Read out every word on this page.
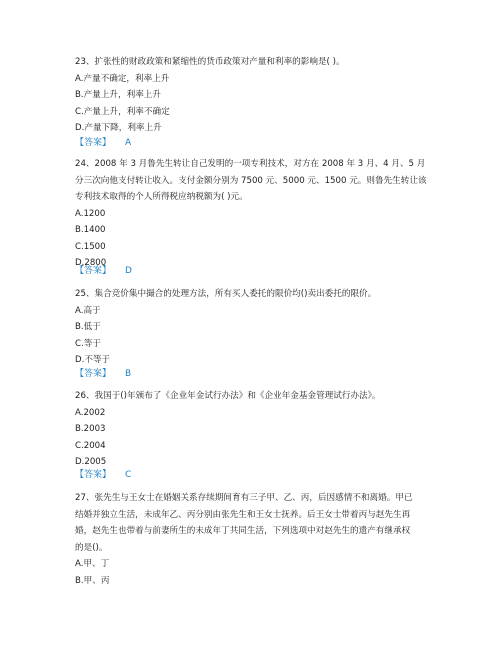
23、扩张性的财政政策和紧缩性的货币政策对产量和利率的影响是( )。

A.产量不确定，利率上升

B.产量上升，利率上升

C.产量上升，利率不确定

D.产量下降，利率上升

【答案】 A

24、2008 年 3 月鲁先生转让自己发明的一项专利技术，对方在 2008 年 3 月、4 月、5 月

分三次向他支付转让收入。支付金额分别为 7500 元、5000 元、1500 元。则鲁先生转让该

专利技术取得的个人所得税应纳税额为( )元。

A.1200

B.1400

C.1500

D.2800

【答案】 D

25、集合竞价集中撮合的处理方法，所有买人委托的限价均()卖出委托的限价。

A.高于

B.低于

C.等于

D.不等于

【答案】 B

26、我国于()年颁布了《企业年金试行办法》和《企业年金基金管理试行办法》。

A.2002

B.2003

C.2004

D.2005

【答案】 C

27、张先生与王女士在婚姻关系存续期间育有三子甲、乙、丙，后因感情不和离婚。甲已

结婚并独立生活，未成年乙、丙分别由张先生和王女士抚养。后王女士带着丙与赵先生再

婚，赵先生也带着与前妻所生的未成年丁共同生活，下列选项中对赵先生的遗产有继承权

的是()。

A.甲、丁

B.甲、丙
